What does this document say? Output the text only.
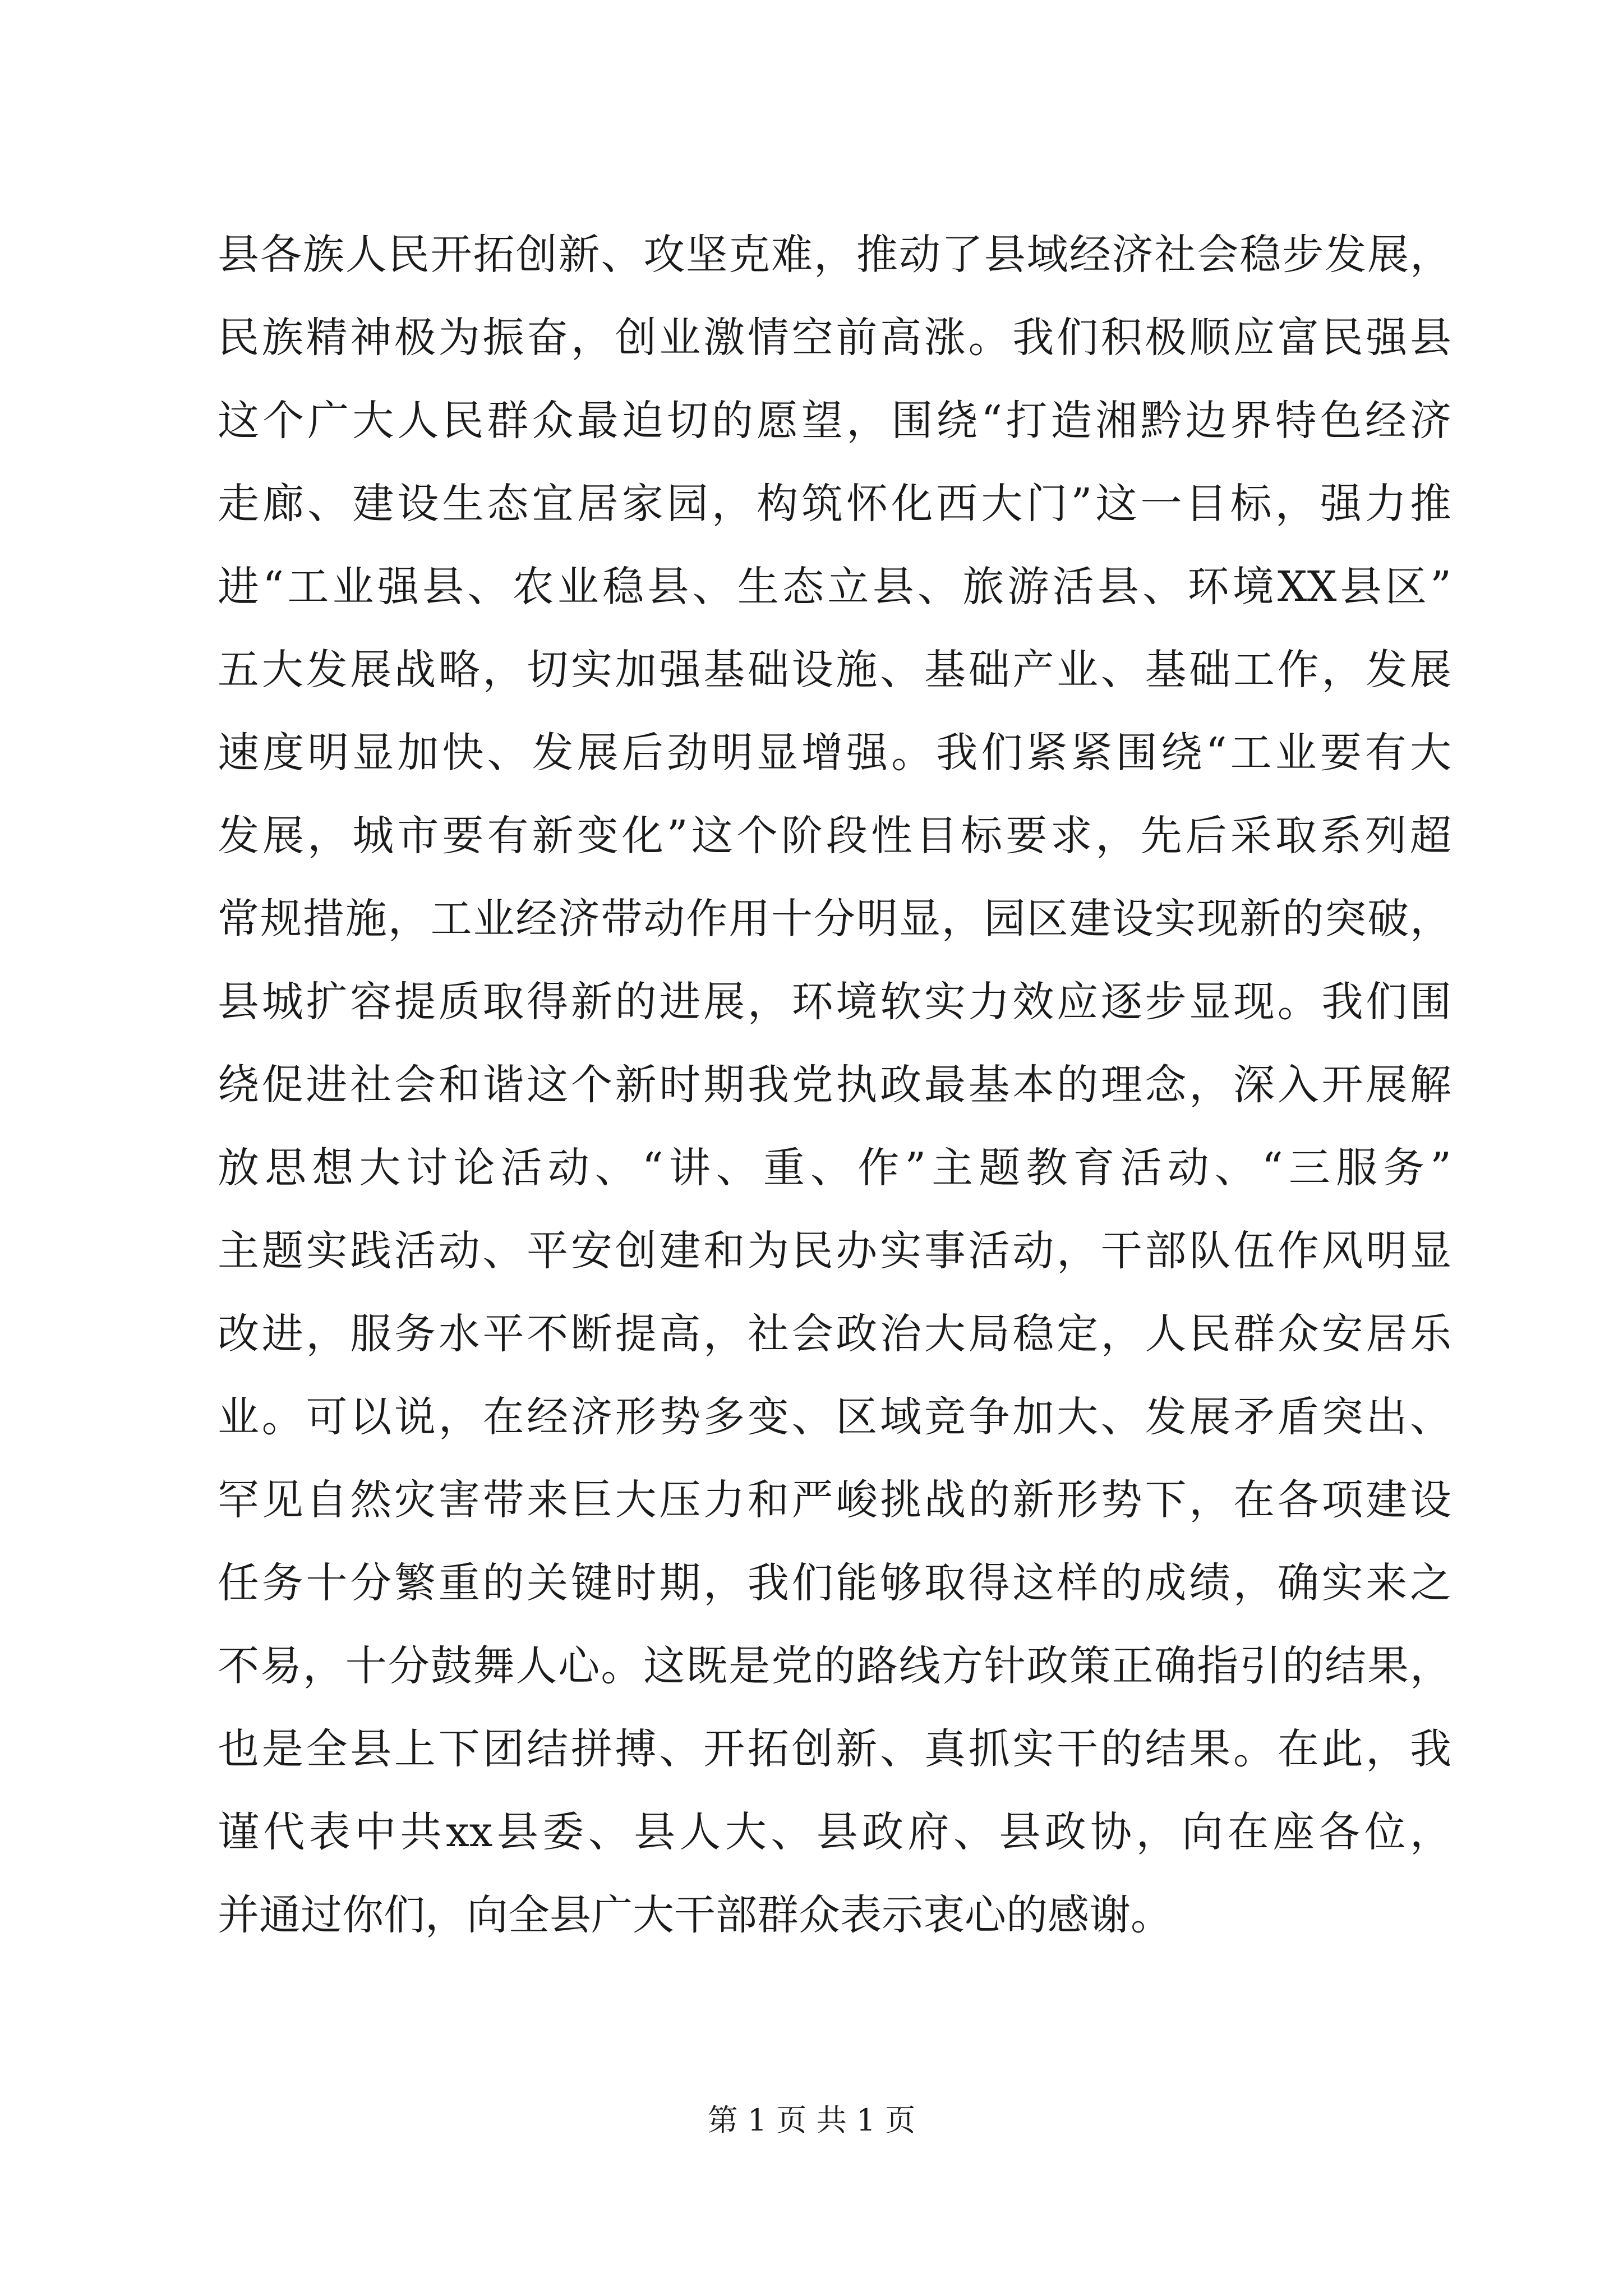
县各族人民开拓创新、攻坚克难，推动了县域经济社会稳步发展，
民族精神极为振奋，创业激情空前高涨。我们积极顺应富民强县
这个广大人民群众最迫切的愿望，围绕“打造湘黔边界特色经济
走廊、建设生态宜居家园，构筑怀化西大门”这一目标，强力推
进“工业强县、农业稳县、生态立县、旅游活县、环境XX县区”
五大发展战略，切实加强基础设施、基础产业、基础工作，发展
速度明显加快、发展后劲明显增强。我们紧紧围绕“工业要有大
发展，城市要有新变化”这个阶段性目标要求，先后采取系列超
常规措施，工业经济带动作用十分明显，园区建设实现新的突破，
县城扩容提质取得新的进展，环境软实力效应逐步显现。我们围
绕促进社会和谐这个新时期我党执政最基本的理念，深入开展解
放思想大讨论活动、“讲、重、作”主题教育活动、“三服务”
主题实践活动、平安创建和为民办实事活动，干部队伍作风明显
改进，服务水平不断提高，社会政治大局稳定，人民群众安居乐
业。可以说，在经济形势多变、区域竞争加大、发展矛盾突出、
罕见自然灾害带来巨大压力和严峻挑战的新形势下，在各项建设
任务十分繁重的关键时期，我们能够取得这样的成绩，确实来之
不易，十分鼓舞人心。这既是党的路线方针政策正确指引的结果，
也是全县上下团结拼搏、开拓创新、真抓实干的结果。在此，我
谨代表中共xx县委、县人大、县政府、县政协，向在座各位，
并通过你们，向全县广大干部群众表示衷心的感谢。
第 1 页 共 1 页
